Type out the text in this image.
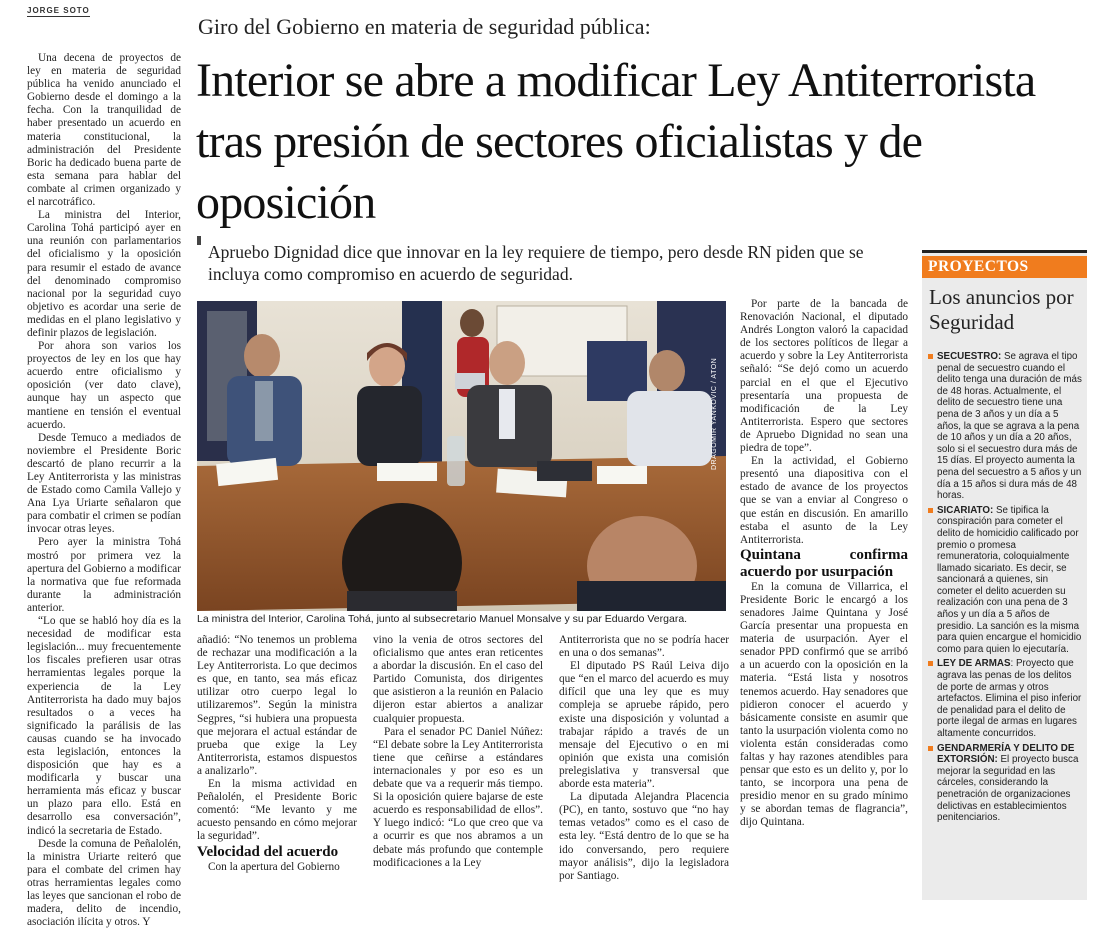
JORGE SOTO

Una decena de proyectos de ley en materia de seguridad pública ha venido anunciado el Gobierno desde el domingo a la fecha. Con la tranquilidad de haber presentado un acuerdo en materia constitucional, la administración del Presidente Boric ha dedicado buena parte de esta semana para hablar del combate al crimen organizado y el narcotráfico.

La ministra del Interior, Carolina Tohá participó ayer en una reunión con parlamentarios del oficialismo y la oposición para resumir el estado de avance del denominado compromiso nacional por la seguridad cuyo objetivo es acordar una serie de medidas en el plano legislativo y definir plazos de legislación.

Por ahora son varios los proyectos de ley en los que hay acuerdo entre oficialismo y oposición (ver dato clave), aunque hay un aspecto que mantiene en tensión el eventual acuerdo.

Desde Temuco a mediados de noviembre el Presidente Boric descartó de plano recurrir a la Ley Antiterrorista y las ministras de Estado como Camila Vallejo y Ana Lya Uriarte señalaron que para combatir el crimen se podían invocar otras leyes.

Pero ayer la ministra Tohá mostró por primera vez la apertura del Gobierno a modificar la normativa que fue reformada durante la administración anterior.

“Lo que se habló hoy día es la necesidad de modificar esta legislación... muy frecuentemente los fiscales prefieren usar otras herramientas legales porque la experiencia de la Ley Antiterrorista ha dado muy bajos resultados o a veces ha significado la parálisis de las causas cuando se ha invocado esta legislación, entonces la disposición que hay es a modificarla y buscar una herramienta más eficaz y buscar un plazo para ello. Está en desarrollo esa conversación”, indicó la secretaria de Estado.

Desde la comuna de Peñalolén, la ministra Uriarte reiteró que para el combate del crimen hay otras herramientas legales como las leyes que sancionan el robo de madera, delito de incendio, asociación ilícita y otros. Y

Giro del Gobierno en materia de seguridad pública:
Interior se abre a modificar Ley Antiterrorista tras presión de sectores oficialistas y de oposición
Apruebo Dignidad dice que innovar en la ley requiere de tiempo, pero desde RN piden que se incluya como compromiso en acuerdo de seguridad.
DRAGOMIR YANKOVIC / ATON
La ministra del Interior, Carolina Tohá, junto al subsecretario Manuel Monsalve y su par Eduardo Vergara.

añadió: “No tenemos un problema de rechazar una modificación a la Ley Antiterrorista. Lo que decimos es que, en tanto, sea más eficaz utilizar otro cuerpo legal lo utilizaremos”. Según la ministra Segpres, “si hubiera una propuesta que mejorara el actual estándar de prueba que exige la Ley Antiterrorista, estamos dispuestos a analizarlo”.

En la misma actividad en Peñalolén, el Presidente Boric comentó: “Me levanto y me acuesto pensando en cómo mejorar la seguridad”.

Velocidad del acuerdo

Con la apertura del Gobierno

vino la venia de otros sectores del oficialismo que antes eran reticentes a abordar la discusión. En el caso del Partido Comunista, dos dirigentes que asistieron a la reunión en Palacio dijeron estar abiertos a analizar cualquier propuesta.

Para el senador PC Daniel Núñez: “El debate sobre la Ley Antiterrorista tiene que ceñirse a estándares internacionales y por eso es un debate que va a requerir más tiempo. Si la oposición quiere bajarse de este acuerdo es responsabilidad de ellos”. Y luego indicó: “Lo que creo que va a ocurrir es que nos abramos a un debate más profundo que contemple modificaciones a la Ley

Antiterrorista que no se podría hacer en una o dos semanas”.

El diputado PS Raúl Leiva dijo que “en el marco del acuerdo es muy difícil que una ley que es muy compleja se apruebe rápido, pero existe una disposición y voluntad a trabajar rápido a través de un mensaje del Ejecutivo o en mi opinión que exista una comisión prelegislativa y transversal que aborde esta materia”.

La diputada Alejandra Placencia (PC), en tanto, sostuvo que “no hay temas vetados” como es el caso de esta ley. “Está dentro de lo que se ha ido conversando, pero requiere mayor análisis”, dijo la legisladora por Santiago.

Por parte de la bancada de Renovación Nacional, el diputado Andrés Longton valoró la capacidad de los sectores políticos de llegar a acuerdo y sobre la Ley Antiterrorista señaló: “Se dejó como un acuerdo parcial en el que el Ejecutivo presentaría una propuesta de modificación de la Ley Antiterrorista. Espero que sectores de Apruebo Dignidad no sean una piedra de tope”.

En la actividad, el Gobierno presentó una diapositiva con el estado de avance de los proyectos que se van a enviar al Congreso o que están en discusión. En amarillo estaba el asunto de la Ley Antiterrorista.

Quintana confirma acuerdo por usurpación

En la comuna de Villarrica, el Presidente Boric le encargó a los senadores Jaime Quintana y José García presentar una propuesta en materia de usurpación. Ayer el senador PPD confirmó que se arribó a un acuerdo con la oposición en la materia. “Está lista y nosotros tenemos acuerdo. Hay senadores que pidieron conocer el acuerdo y básicamente consiste en asumir que tanto la usurpación violenta como no violenta están consideradas como faltas y hay razones atendibles para pensar que esto es un delito y, por lo tanto, se incorpora una pena de presidio menor en su grado mínimo y se abordan temas de flagrancia”, dijo Quintana.

PROYECTOS
Los anuncios por Seguridad
SECUESTRO: Se agrava el tipo penal de secuestro cuando el delito tenga una duración de más de 48 horas. Actualmente, el delito de secuestro tiene una pena de 3 años y un día a 5 años, la que se agrava a la pena de 10 años y un día a 20 años, solo si el secuestro dura más de 15 días. El proyecto aumenta la pena del secuestro a 5 años y un día a 15 años si dura más de 48 horas.
SICARIATO: Se tipifica la conspiración para cometer el delito de homicidio calificado por premio o promesa remuneratoria, coloquialmente llamado sicariato. Es decir, se sancionará a quienes, sin cometer el delito acuerden su realización con una pena de 3 años y un día a 5 años de presidio. La sanción es la misma para quien encargue el homicidio como para quien lo ejecutaría.
LEY DE ARMAS: Proyecto que agrava las penas de los delitos de porte de armas y otros artefactos. Elimina el piso inferior de penalidad para el delito de porte ilegal de armas en lugares altamente concurridos.
GENDARMERÍA Y DELITO DE EXTORSIÓN: El proyecto busca mejorar la seguridad en las cárceles, considerando la penetración de organizaciones delictivas en establecimientos penitenciarios.
